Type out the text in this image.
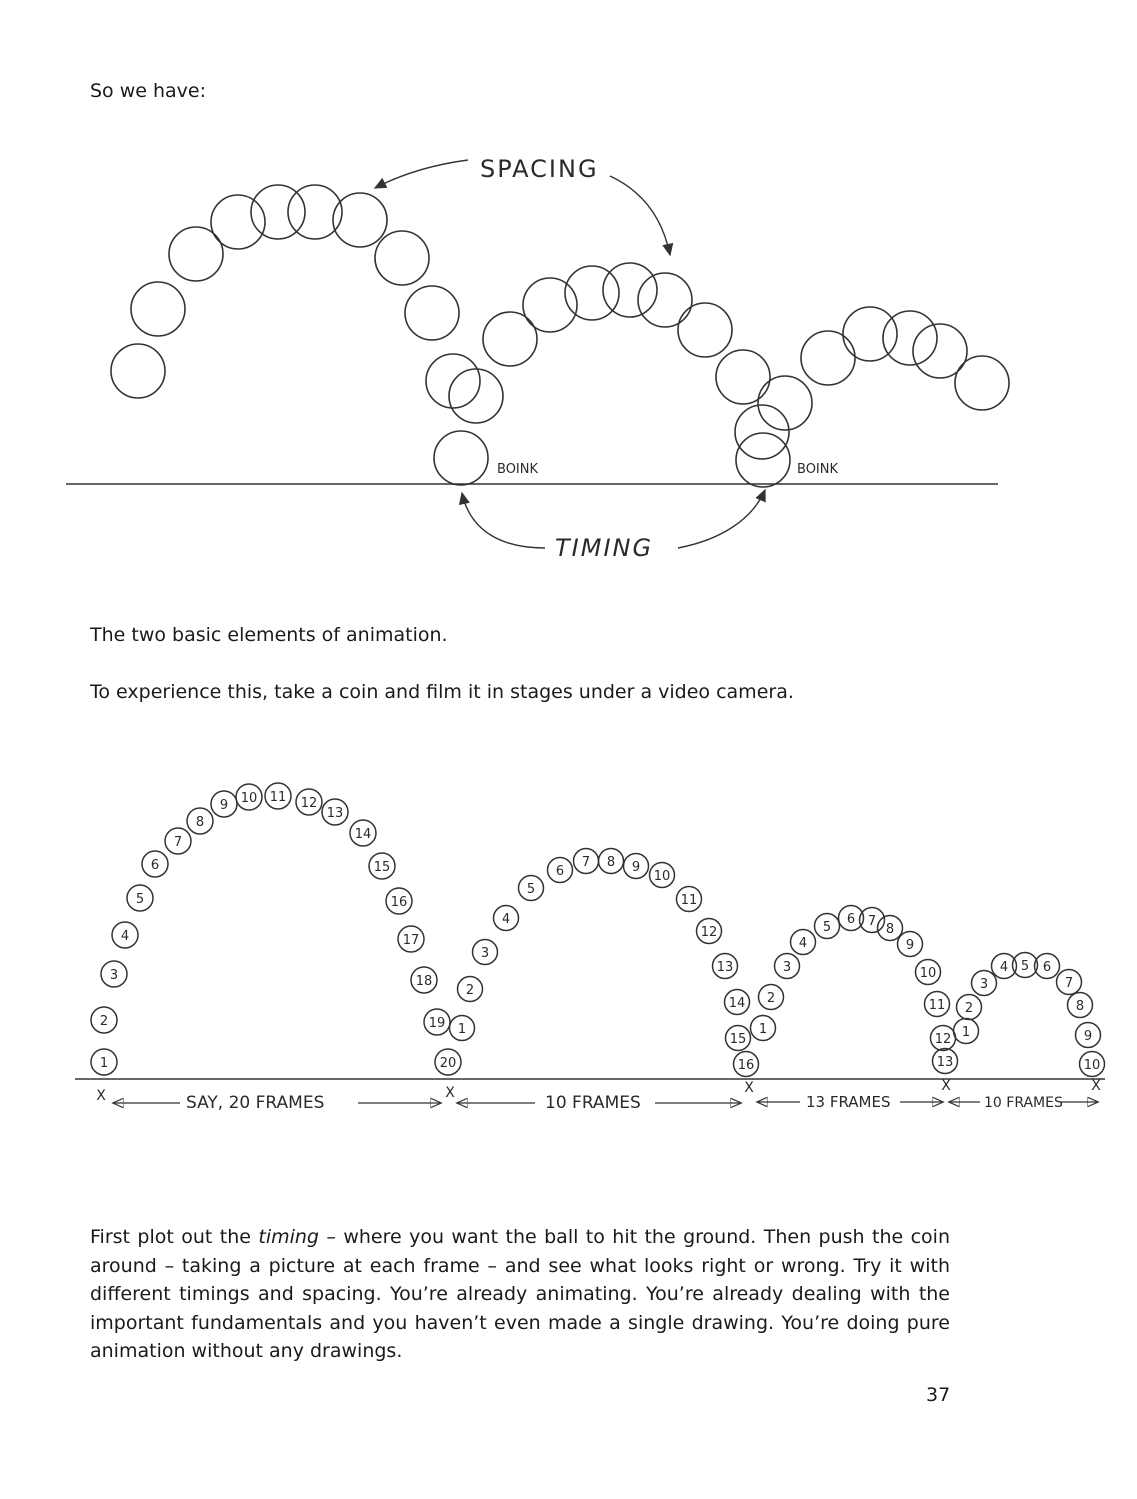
So we have:

SPACING
TIMING
BOINK	BOINK

The two basic elements of animation.

To experience this, take a coin and film it in stages under a video camera.

1
2
3
4
5
6
7
8
9 10 11 12
13
14
15
16
17
18
19
20
1
2
3
4
5
6
7 8 9
10
11
12
13
14
15
16
1
2
3
4
5
6 7
8
9
10
11
12
13
1
2
3
4 5 6
7
8
9
10
X	X	X	X	X
SAY, 20 FRAMES	10 FRAMES	13 FRAMES	10 FRAMES

First plot out the timing – where you want the ball to hit the ground. Then push the coin around – taking a picture at each frame – and see what looks right or wrong. Try it with different timings and spacing. You’re already animating. You’re already dealing with the important fundamentals and you haven’t even made a single drawing. You’re doing pure animation without any drawings.

37
